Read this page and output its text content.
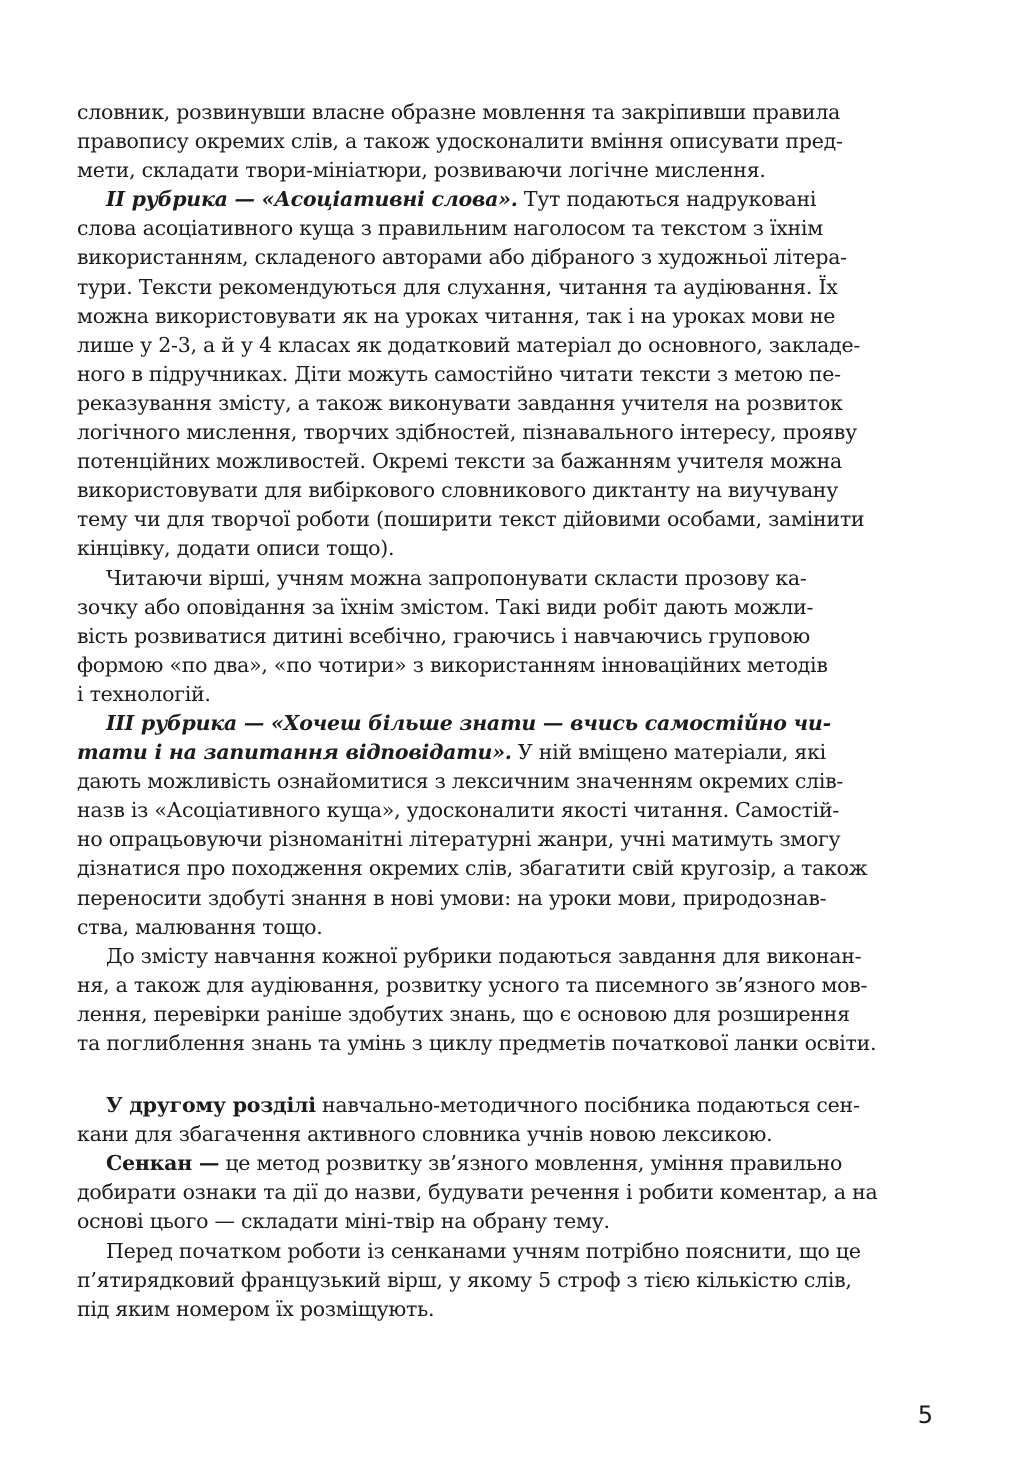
словник, розвинувши власне образне мовлення та закріпивши правила
правопису окремих слів, а також удосконалити вміння описувати пред-
мети, складати твори-мініатюри, розвиваючи логічне мислення.
II рубрика — «Асоціативні слова». Тут подаються надруковані
слова асоціативного куща з правильним наголосом та текстом з їхнім
використанням, складеного авторами або дібраного з художньої літера-
тури. Тексти рекомендуються для слухання, читання та аудіювання. Їх
можна використовувати як на уроках читання, так і на уроках мови не
лише у 2-3, а й у 4 класах як додатковий матеріал до основного, закладе-
ного в підручниках. Діти можуть самостійно читати тексти з метою пе-
реказування змісту, а також виконувати завдання учителя на розвиток
логічного мислення, творчих здібностей, пізнавального інтересу, прояву
потенційних можливостей. Окремі тексти за бажанням учителя можна
використовувати для вибіркового словникового диктанту на виучувану
тему чи для творчої роботи (поширити текст дійовими особами, замінити
кінцівку, додати описи тощо).
Читаючи вірші, учням можна запропонувати скласти прозову ка-
зочку або оповідання за їхнім змістом. Такі види робіт дають можли-
вість розвиватися дитині всебічно, граючись і навчаючись груповою
формою «по два», «по чотири» з використанням інноваційних методів
і технологій.
III рубрика — «Хочеш більше знати — вчись самостійно чи-
тати і на запитання відповідати». У ній вміщено матеріали, які
дають можливість ознайомитися з лексичним значенням окремих слів-
назв із «Асоціативного куща», удосконалити якості читання. Самостій-
но опрацьовуючи різноманітні літературні жанри, учні матимуть змогу
дізнатися про походження окремих слів, збагатити свій кругозір, а також
переносити здобуті знання в нові умови: на уроки мови, природознав-
ства, малювання тощо.
До змісту навчання кожної рубрики подаються завдання для виконан-
ня, а також для аудіювання, розвитку усного та писемного зв’язного мов-
лення, перевірки раніше здобутих знань, що є основою для розширення
та поглиблення знань та умінь з циклу предметів початкової ланки освіти.
У другому розділі навчально-методичного посібника подаються сен-
кани для збагачення активного словника учнів новою лексикою.
Сенкан — це метод розвитку зв’язного мовлення, уміння правильно
добирати ознаки та дії до назви, будувати речення і робити коментар, а на
основі цього — складати міні-твір на обрану тему.
Перед початком роботи із сенканами учням потрібно пояснити, що це
п’ятирядковий французький вірш, у якому 5 строф з тією кількістю слів,
під яким номером їх розміщують.
5
